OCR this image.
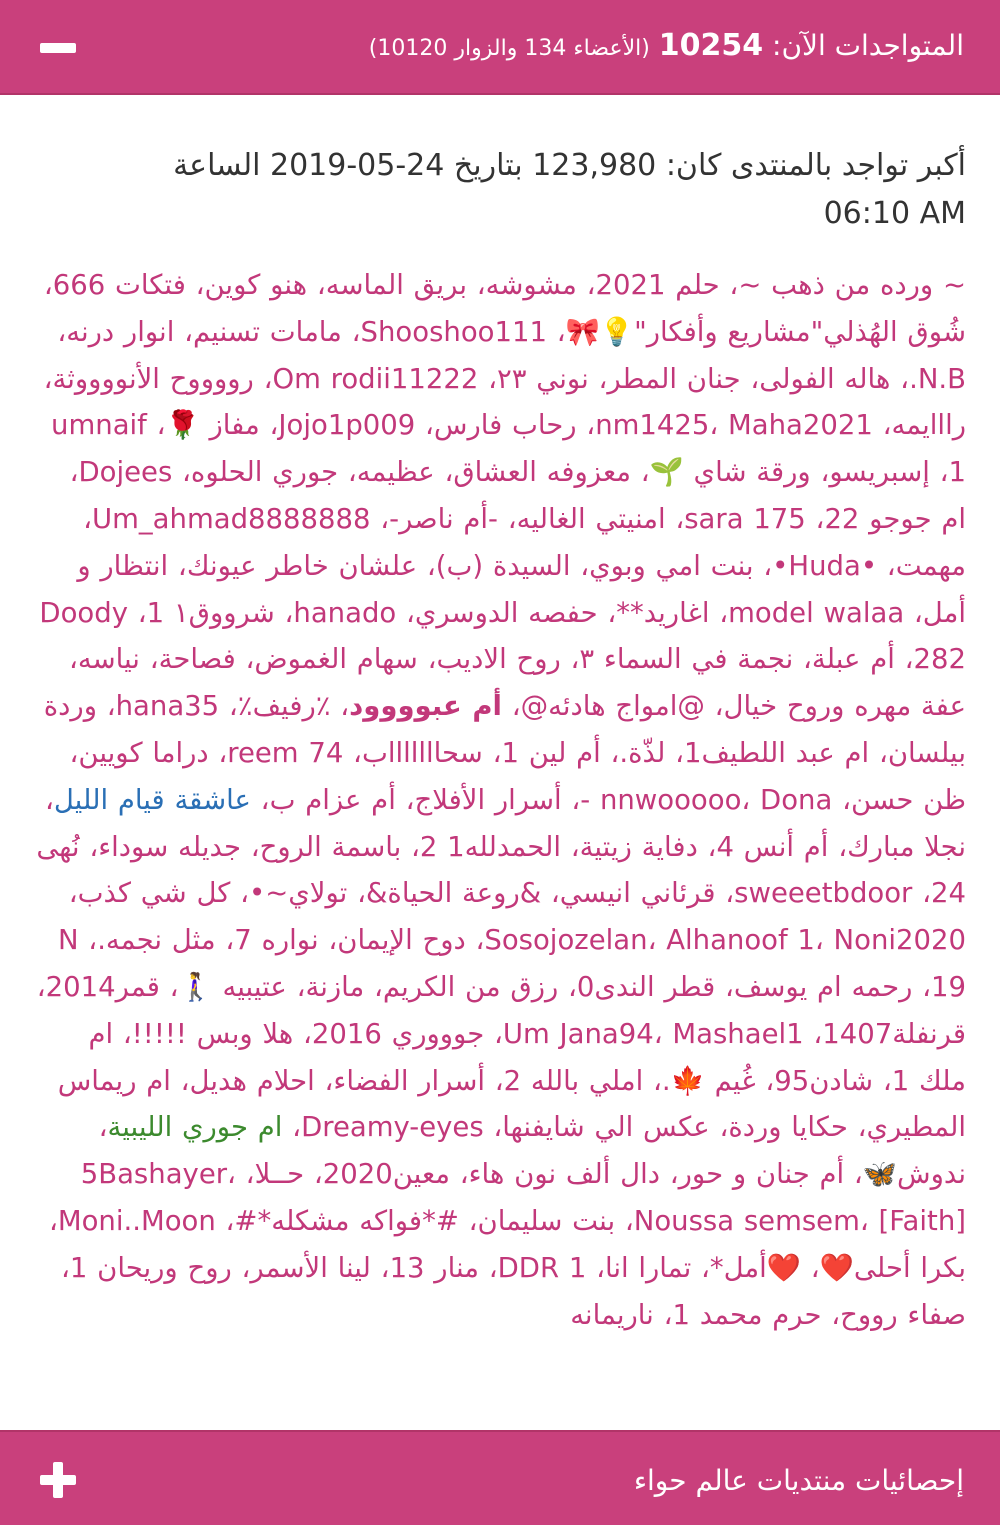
المتواجدات الآن: 10254 (الأعضاء 134 والزوار 10120)
أكبر تواجد بالمنتدى كان: 123,980 بتاريخ 2019-05-24 الساعة 06:10 AM
~ ورده من ذهب ~، حلم 2021، مشوشه، بريق الماسه، هنو كوين، فتكات 666، شُوق الهُذلي"مشاريع وأفكار"💡🎀، Shooshoo111، مامات تسنيم، انوار درنه، N.B.، هاله الفولى، جنان المطر، نوني ٢٣، Om rodii11222، رووووح الأنووووثة، رااايمه، nm1425، Maha2021، رحاب فارس، Jojo1p009، مفاز 🌹، umnaif 1، إسبريسو، ورقة شاي 🌱، معزوفه العشاق، عظيمه، جوري الحلوه، Dojees، ام جوجو 22، sara 175، امنيتي الغاليه، -أم ناصر-، Um_ahmad8888888، مهمت، •Huda•، بنت امي وبوي، السيدة (ب)، علشان خاطر عيونك، انتظار و أمل، model walaa، اغاريد**، حفصه الدوسري، hanado، شرووق١ 1، Doody 282، أم عبلة، نجمة في السماء ٣، روح الاديب، سهام الغموض، فصاحة، نياسه، عفة مهره وروح خيال، @امواج هادئه@، أم عبوووود، ٪رفيف٪، hana35، وردة بيلسان، ام عبد اللطيف1، لذّة.، أم لين 1، سحاااااااب، reem 74، دراما كويين، ظن حسن، nnwooooo، Dona -، أسرار الأفلاج، أم عزام ب، عاشقة قيام الليل، نجلا مبارك، أم أنس 4، دفاية زيتية، الحمدلله1 2، باسمة الروح، جديله سوداء، نُهى 24، sweeetbdoor، قرئاني انيسي، &روعة الحياة&، تولاي~•، كل شي كذب، Sosojozelan، Alhanoof 1، Noni2020، دوح الإيمان، نواره 7، مثل نجمه.، N 19، رحمه ام يوسف، قطر الندى0، رزق من الكريم، مازنة، عتيبيه 🚶‍♀️، قمر2014، قرنفلة1407، Um Jana94، Mashael1، جوووري 2016، هلا وبس !!!!!، ام ملك 1، شادن95، غُيم 🍁.، املي بالله 2، أسرار الفضاء، احلام هديل، ام ريماس المطيري، حكايا وردة، عكس الي شايفنها، Dreamy-eyes، ام جوري الليبية، ندوش🦋، أم جنان و حور، دال ألف نون هاء، معين2020، حــلا، 5Bashayer، Noussa semsem، [Faith]، بنت سليمان، #*فواكه مشكله*#، Moni..Moon، بكرا أحلى❤️، ❤️أمل*، تمارا انا، DDR 1، منار 13، لينا الأسمر، روح وريحان 1، صفاء رووح، حرم محمد 1، ناريمانه
إحصائيات منتديات عالم حواء
